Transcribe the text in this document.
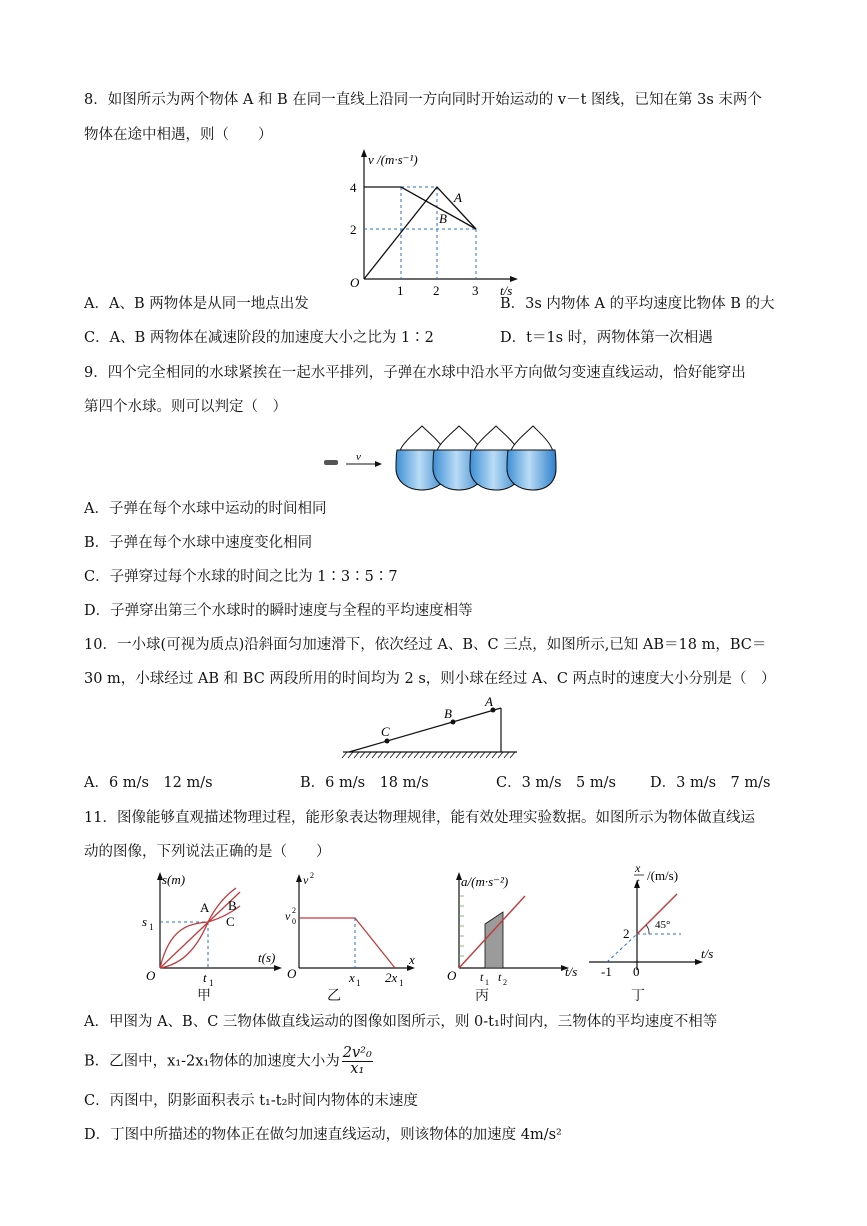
8．如图所示为两个物体 A 和 B 在同一直线上沿同一方向同时开始运动的 v－t 图线，已知在第 3s 末两个
物体在途中相遇，则（　　）
v /(m·s⁻¹)
4
2
O
1 2	3 t/s
A
B
A．A、B 两物体是从同一地点出发	B．3s 内物体 A 的平均速度比物体 B 的大
C．A、B 两物体在减速阶段的加速度大小之比为 1∶2	D．t＝1s 时，两物体第一次相遇
9．四个完全相同的水球紧挨在一起水平排列，子弹在水球中沿水平方向做匀变速直线运动，恰好能穿出
第四个水球。则可以判定（　）
v
A．子弹在每个水球中运动的时间相同
B．子弹在每个水球中速度变化相同
C．子弹穿过每个水球的时间之比为 1∶3∶5∶7
D．子弹穿出第三个水球时的瞬时速度与全程的平均速度相等
10．一小球(可视为质点)沿斜面匀加速滑下，依次经过 A、B、C 三点，如图所示,已知 AB＝18 m，BC＝
30 m，小球经过 AB 和 BC 两段所用的时间均为 2 s，则小球在经过 A、C 两点时的速度大小分别是（　）
C
B
A
A．6 m/s　12 m/s	B．6 m/s　18 m/s	C．3 m/s　5 m/s D．3 m/s　7 m/s
11．图像能够直观描述物理过程，能形象表达物理规律，能有效处理实验数据。如图所示为物体做直线运
动的图像，下列说法正确的是（　　）
s(m)
s 1
O	t 1
t(s)
A B
C
甲
v 2
v 2
0
O	x 1 2x 1
x
乙
a/(m·s⁻²)
O t 1 t 2
t/s
丙
x
t /(m/s)
45°
2
-1 0
t/s
丁
A．甲图为 A、B、C 三物体做直线运动的图像如图所示，则 0-t₁时间内，三物体的平均速度不相等
B．乙图中，x₁-2x₁物体的加速度大小为 $\frac{\text{2v²₀}}{\text{x₁}}$
C．丙图中，阴影面积表示 t₁-t₂时间内物体的末速度
D．丁图中所描述的物体正在做匀加速直线运动，则该物体的加速度 4m/s²
